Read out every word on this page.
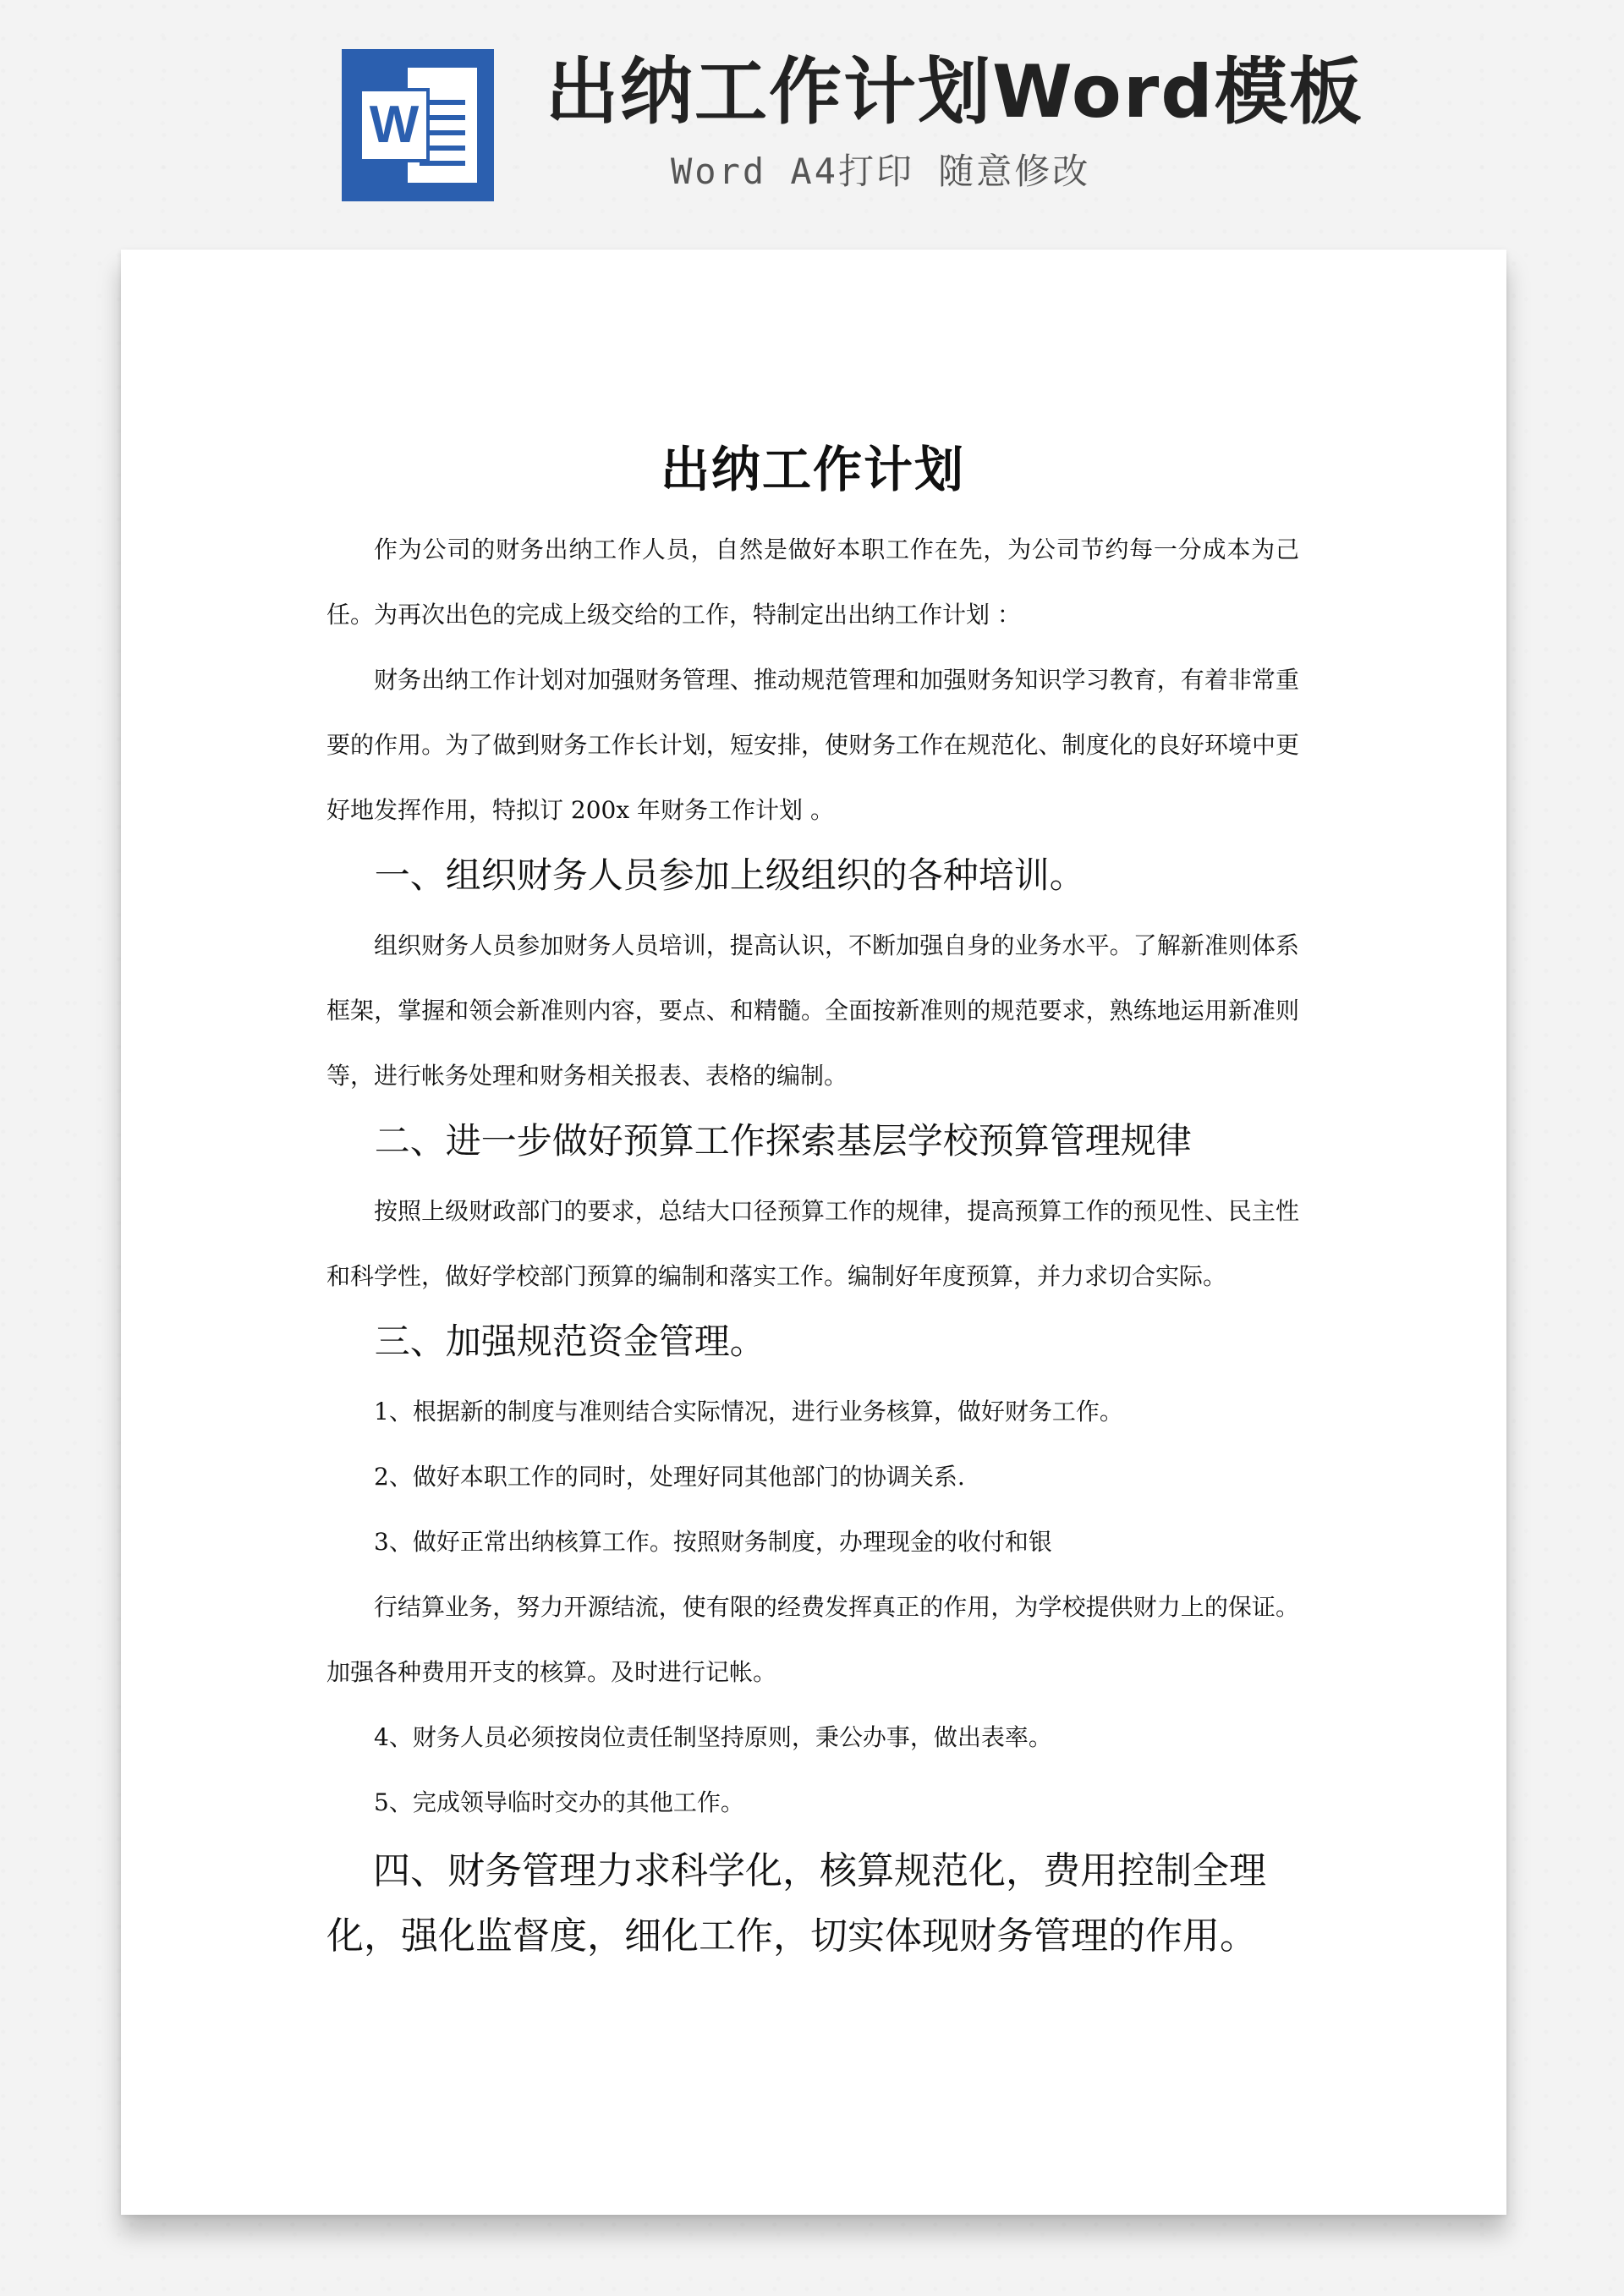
W 出纳工作计划Word模板
Word A4打印 随意修改
出纳工作计划

作为公司的财务出纳工作人员，自然是做好本职工作在先，为公司节约每一分成本为己任。为再次出色的完成上级交给的工作，特制定出出纳工作计划 ：

财务出纳工作计划对加强财务管理、推动规范管理和加强财务知识学习教育，有着非常重要的作用。为了做到财务工作长计划，短安排，使财务工作在规范化、制度化的良好环境中更好地发挥作用，特拟订 200x 年财务工作计划 。

一、组织财务人员参加上级组织的各种培训。

组织财务人员参加财务人员培训，提高认识，不断加强自身的业务水平。了解新准则体系框架，掌握和领会新准则内容，要点、和精髓。全面按新准则的规范要求，熟练地运用新准则等，进行帐务处理和财务相关报表、表格的编制。

二、进一步做好预算工作探索基层学校预算管理规律

按照上级财政部门的要求，总结大口径预算工作的规律，提高预算工作的预见性、民主性和科学性，做好学校部门预算的编制和落实工作。编制好年度预算，并力求切合实际。

三、加强规范资金管理。

1、根据新的制度与准则结合实际情况，进行业务核算，做好财务工作。

2、做好本职工作的同时，处理好同其他部门的协调关系.

3、做好正常出纳核算工作。按照财务制度，办理现金的收付和银

行结算业务，努力开源结流，使有限的经费发挥真正的作用，为学校提供财力上的保证。加强各种费用开支的核算。及时进行记帐。

4、财务人员必须按岗位责任制坚持原则，秉公办事，做出表率。

5、完成领导临时交办的其他工作。

四、财务管理力求科学化，核算规范化，费用控制全理化，强化监督度，细化工作，切实体现财务管理的作用。
